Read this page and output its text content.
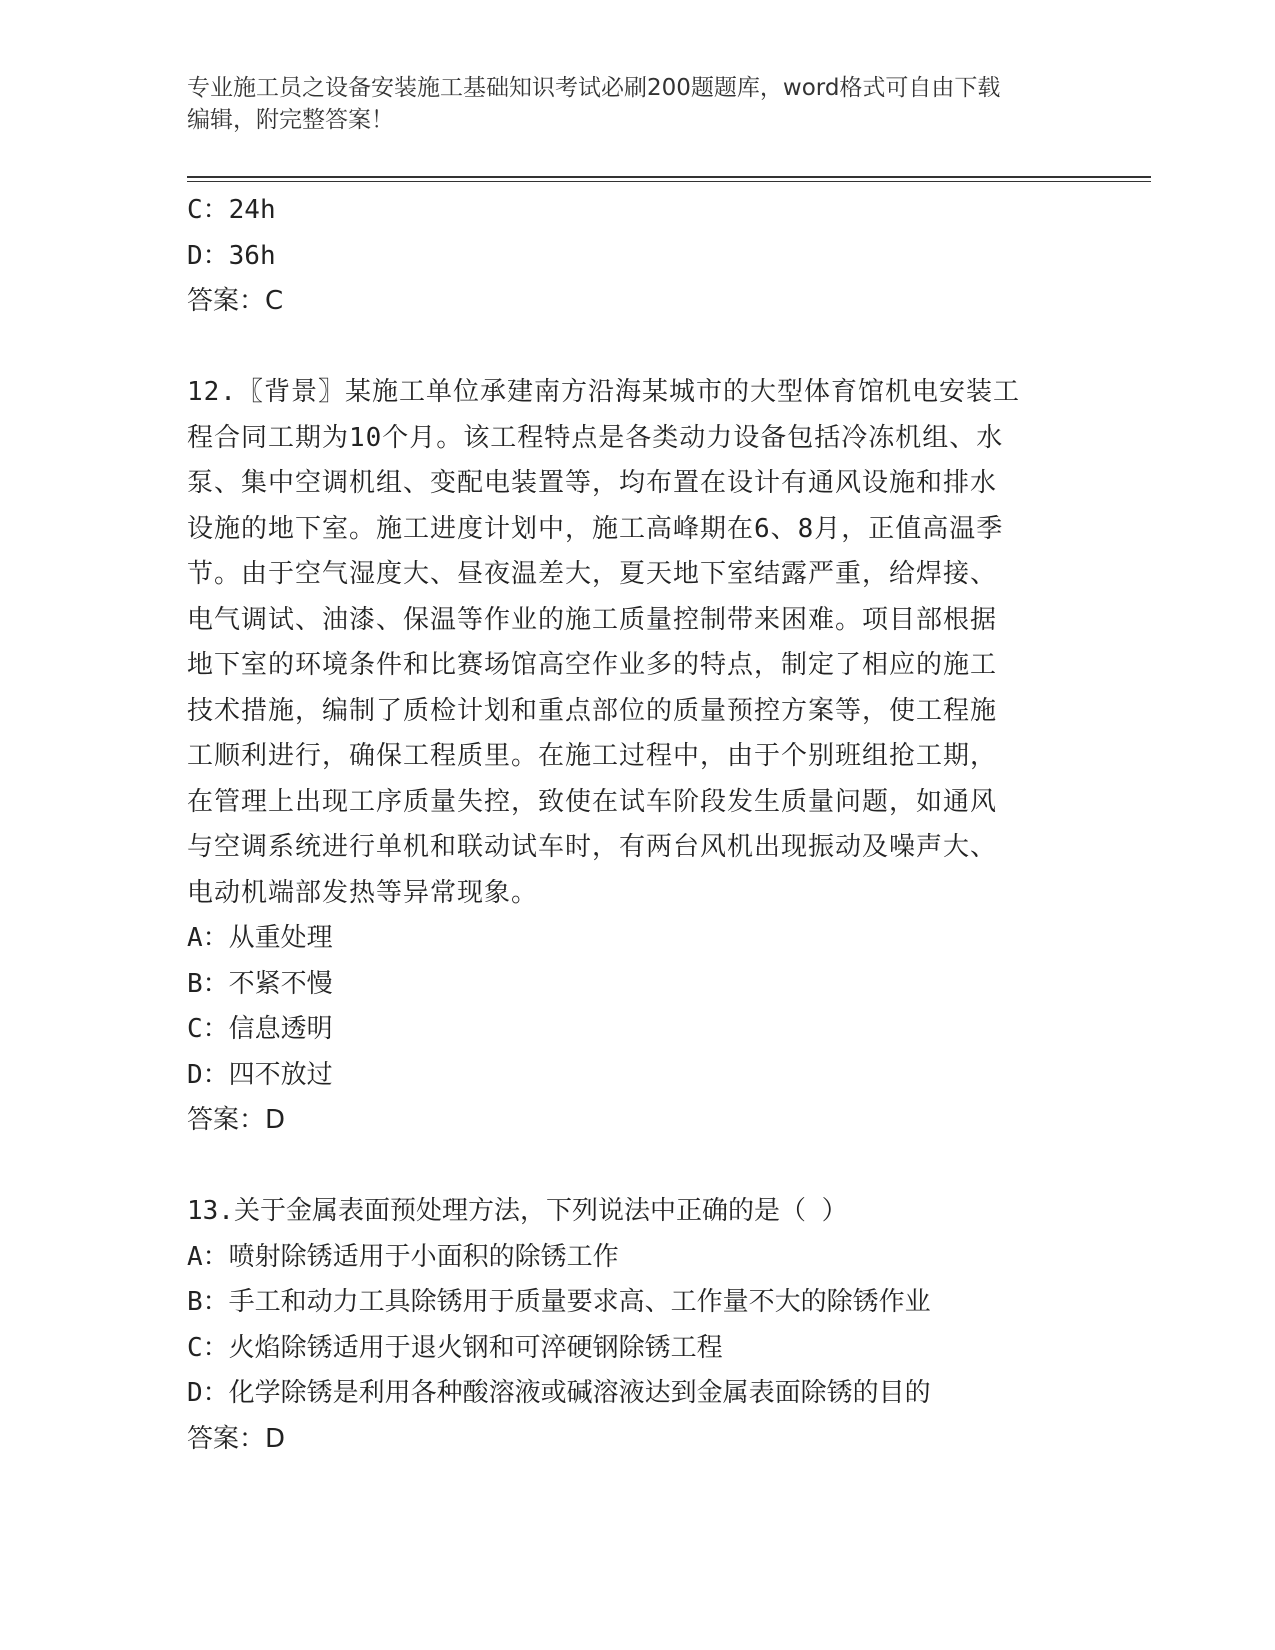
专业施工员之设备安装施工基础知识考试必刷200题题库，word格式可自由下载
编辑，附完整答案！
C：24h
D：36h
答案：C
12.〖背景〗某施工单位承建南方沿海某城市的大型体育馆机电安装工
程合同工期为10个月。该工程特点是各类动力设备包括冷冻机组、水
泵、集中空调机组、变配电装置等，均布置在设计有通风设施和排水
设施的地下室。施工进度计划中，施工高峰期在6、8月，正值高温季
节。由于空气湿度大、昼夜温差大，夏天地下室结露严重，给焊接、
电气调试、油漆、保温等作业的施工质量控制带来困难。项目部根据
地下室的环境条件和比赛场馆高空作业多的特点，制定了相应的施工
技术措施，编制了质检计划和重点部位的质量预控方案等，使工程施
工顺利进行，确保工程质里。在施工过程中，由于个别班组抢工期，
在管理上出现工序质量失控，致使在试车阶段发生质量问题，如通风
与空调系统进行单机和联动试车时，有两台风机出现振动及噪声大、
电动机端部发热等异常现象。
A：从重处理
B：不紧不慢
C：信息透明
D：四不放过
答案：D
13.关于金属表面预处理方法，下列说法中正确的是（ ）
A：喷射除锈适用于小面积的除锈工作
B：手工和动力工具除锈用于质量要求高、工作量不大的除锈作业
C：火焰除锈适用于退火钢和可淬硬钢除锈工程
D：化学除锈是利用各种酸溶液或碱溶液达到金属表面除锈的目的
答案：D
